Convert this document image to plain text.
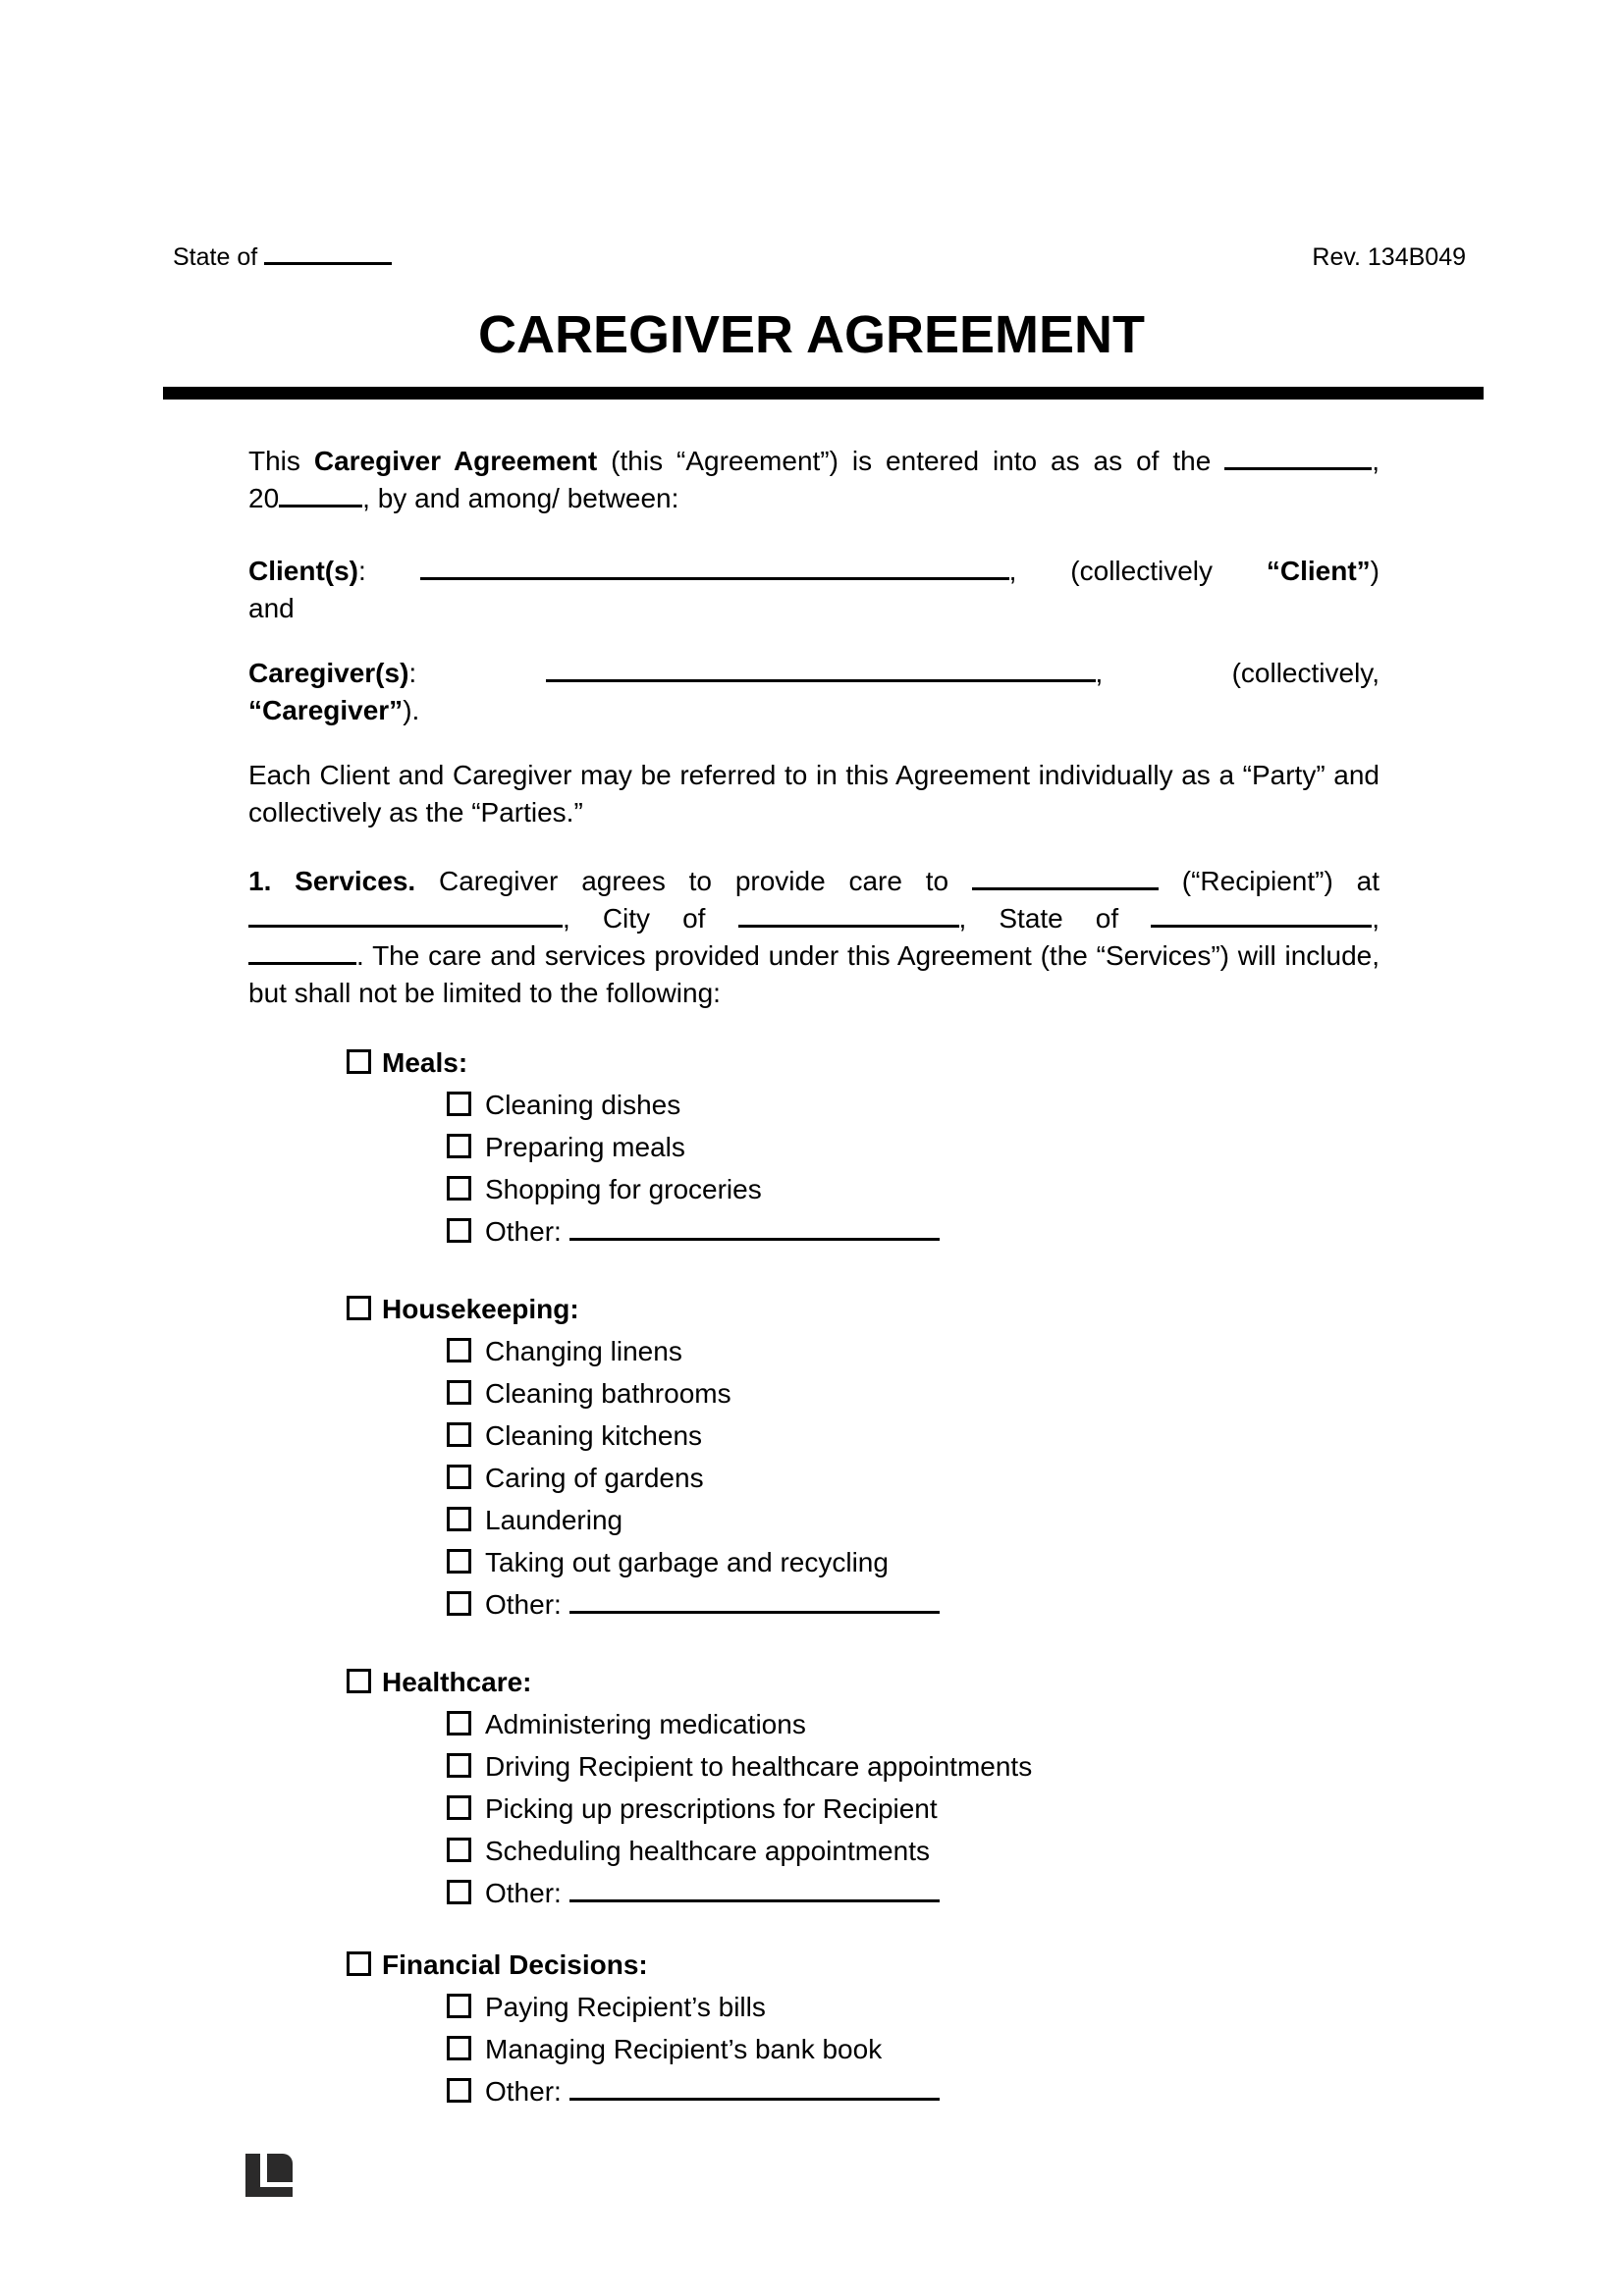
State of	Rev. 134B049
CAREGIVER AGREEMENT
This Caregiver Agreement (this “Agreement”) is entered into as as of the	,
20	, by and among/ between:
Client(s):	, (collectively “Client”)
and
Caregiver(s):	,	(collectively,
“Caregiver”).
Each Client and Caregiver may be referred to in this Agreement individually as a “Party” and
collectively as the “Parties.”
1. Services. Caregiver agrees to provide care to	(“Recipient”) at
, City of	, State of	,
. The care and services provided under this Agreement (the “Services”) will include,
but shall not be limited to the following:
Meals:
Cleaning dishes
Preparing meals
Shopping for groceries
Other:
Housekeeping:
Changing linens
Cleaning bathrooms
Cleaning kitchens
Caring of gardens
Laundering
Taking out garbage and recycling
Other:
Healthcare:
Administering medications
Driving Recipient to healthcare appointments
Picking up prescriptions for Recipient
Scheduling healthcare appointments
Other:
Financial Decisions:
Paying Recipient’s bills
Managing Recipient’s bank book
Other:
